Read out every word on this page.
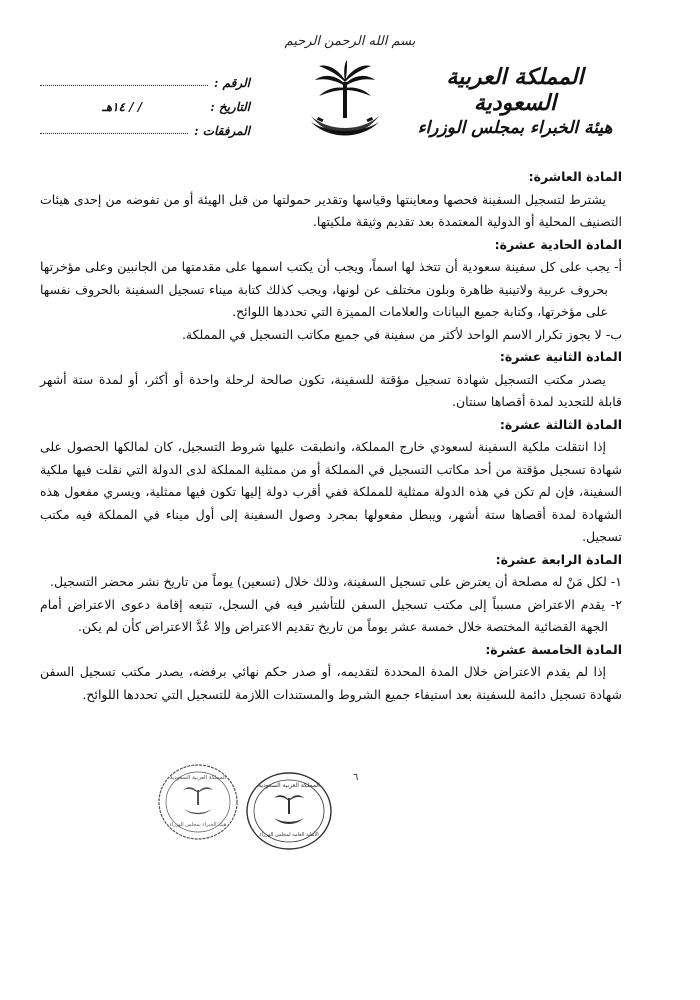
بسم الله الرحمن الرحيم
المملكة العربية السعودية
هيئة الخبراء بمجلس الوزراء
الرقم :
التاريخ :
/ / ١٤هـ
المرفقات :

المادة العاشرة:

يشترط لتسجيل السفينة فحصها ومعاينتها وقياسها وتقدير حمولتها من قبل الهيئة أو من تفوضه من إحدى هيئات التصنيف المحلية أو الدولية المعتمدة بعد تقديم وثيقة ملكيتها.

المادة الحادية عشرة:

أ- يجب على كل سفينة سعودية أن تتخذ لها اسماً، ويجب أن يكتب اسمها على مقدمتها من الجانبين وعلى مؤخرتها بحروف عربية ولاتينية ظاهرة وبلون مختلف عن لونها، ويجب كذلك كتابة ميناء تسجيل السفينة بالحروف نفسها على مؤخرتها، وكتابة جميع البيانات والعلامات المميزة التي تحددها اللوائح.

ب- لا يجوز تكرار الاسم الواحد لأكثر من سفينة في جميع مكاتب التسجيل في المملكة.

المادة الثانية عشرة:

يصدر مكتب التسجيل شهادة تسجيل مؤقتة للسفينة، تكون صالحة لرحلة واحدة أو أكثر، أو لمدة ستة أشهر قابلة للتجديد لمدة أقصاها سنتان.

المادة الثالثة عشرة:

إذا انتقلت ملكية السفينة لسعودي خارج المملكة، وانطبقت عليها شروط التسجيل، كان لمالكها الحصول على شهادة تسجيل مؤقتة من أحد مكاتب التسجيل في المملكة أو من ممثلية المملكة لدى الدولة التي نقلت فيها ملكية السفينة، فإن لم تكن في هذه الدولة ممثلية للمملكة ففي أقرب دولة إليها تكون فيها ممثلية، ويسري مفعول هذه الشهادة لمدة أقصاها ستة أشهر، ويبطل مفعولها بمجرد وصول السفينة إلى أول ميناء في المملكة فيه مكتب تسجيل.

المادة الرابعة عشرة:

١- لكل مَنْ له مصلحة أن يعترض على تسجيل السفينة، وذلك خلال (تسعين) يوماً من تاريخ نشر محضر التسجيل.

٢- يقدم الاعتراض مسبباً إلى مكتب تسجيل السفن للتأشير فيه في السجل، تتبعه إقامة دعوى الاعتراض أمام الجهة القضائية المختصة خلال خمسة عشر يوماً من تاريخ تقديم الاعتراض وإلا عُدَّ الاعتراض كأن لم يكن.

المادة الخامسة عشرة:

إذا لم يقدم الاعتراض خلال المدة المحددة لتقديمه، أو صدر حكم نهائي برفضه، يصدر مكتب تسجيل السفن شهادة تسجيل دائمة للسفينة بعد استيفاء جميع الشروط والمستندات اللازمة للتسجيل التي تحددها اللوائح.

٦
المملكة العربية السعودية
الأمانة العامة لمجلس الوزراء
المملكة العربية السعودية
هيئة الخبراء بمجلس الوزراء
